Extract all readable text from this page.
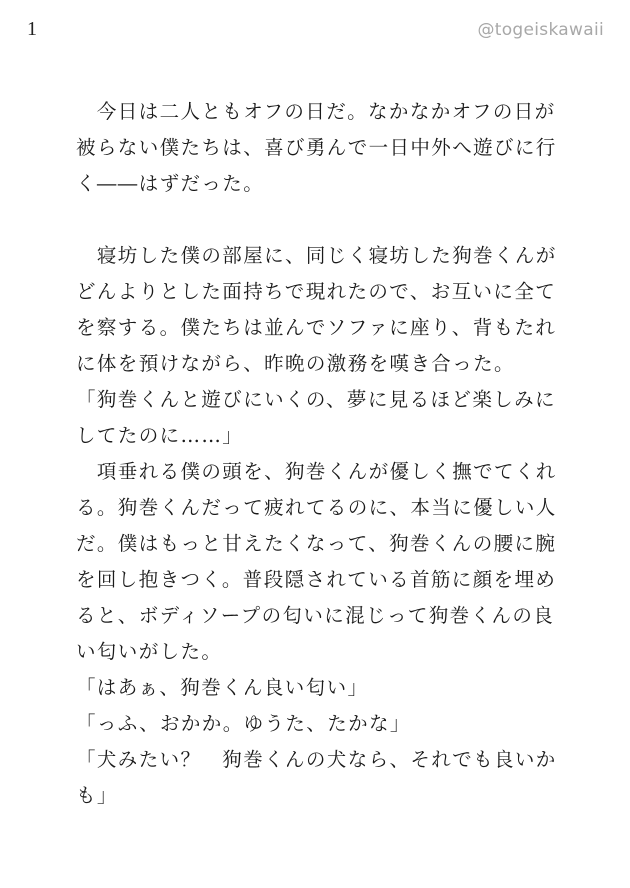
1	@togeiskawaii
　今日は二人ともオフの日だ。なかなかオフの日が
被らない僕たちは、喜び勇んで一日中外へ遊びに行
く――はずだった。
　寝坊した僕の部屋に、同じく寝坊した狗巻くんが
どんよりとした面持ちで現れたので、お互いに全て
を察する。僕たちは並んでソファに座り、背もたれ
に体を預けながら、昨晩の激務を嘆き合った。
「狗巻くんと遊びにいくの、夢に見るほど楽しみに
してたのに……」
　項垂れる僕の頭を、狗巻くんが優しく撫でてくれ
る。狗巻くんだって疲れてるのに、本当に優しい人
だ。僕はもっと甘えたくなって、狗巻くんの腰に腕
を回し抱きつく。普段隠されている首筋に顔を埋め
ると、ボディソープの匂いに混じって狗巻くんの良
い匂いがした。
「はあぁ、狗巻くん良い匂い」
「っふ、おかか。ゆうた、たかな」
「犬みたい？　狗巻くんの犬なら、それでも良いか
も」
